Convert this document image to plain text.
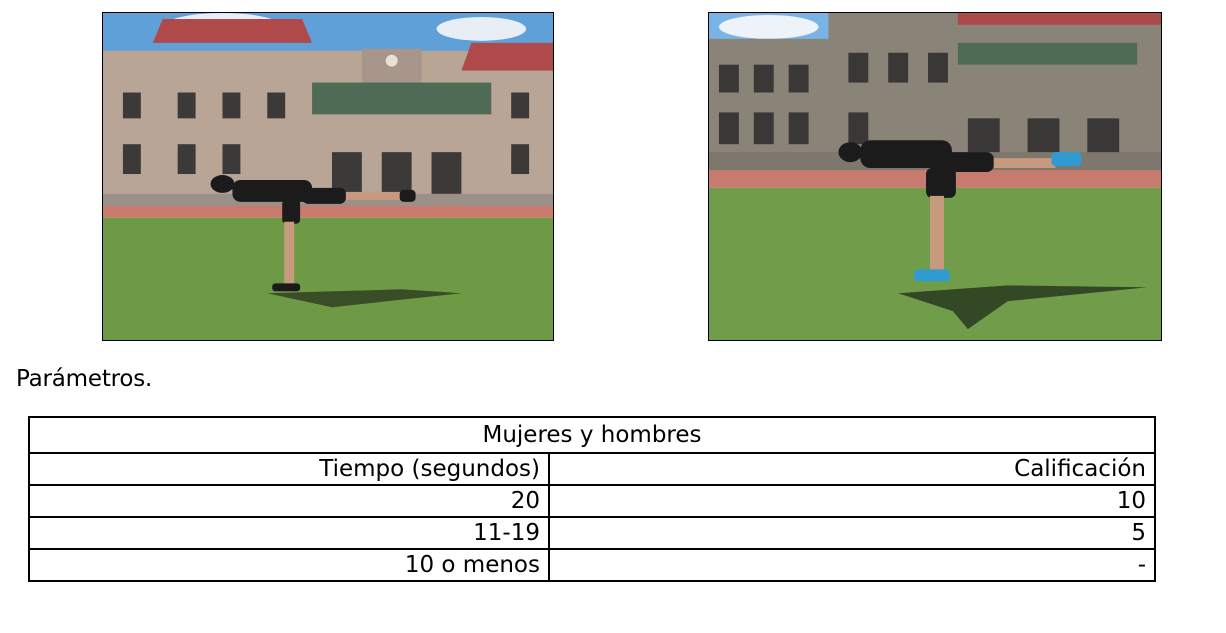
Parámetros.
Mujeres y hombres	
Tiempo (segundos)	Calificación
20	10
11-19	5
10 o menos	-
